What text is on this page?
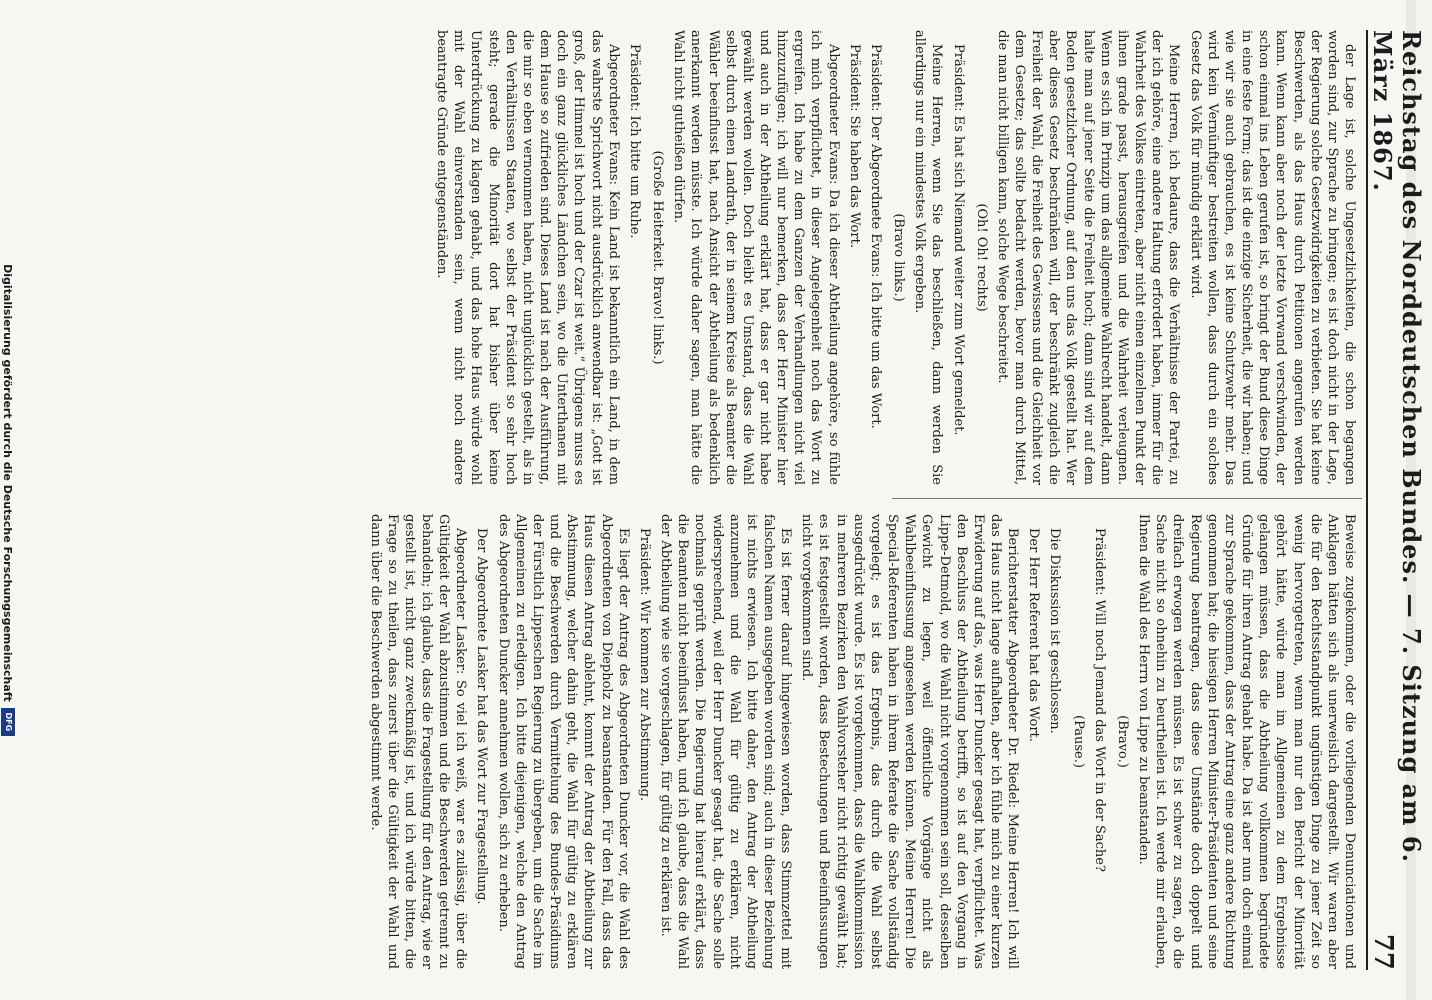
Reichstag des Norddeutschen Bundes. — 7. Sitzung am 6. März 1867.
77

der Lage ist, solche Ungesetzlichkeiten, die schon begangen worden sind, zur Sprache zu bringen; es ist doch nicht in der Lage, der Regierung solche Gesetzwidrigkeiten zu verbieten. Sie hat keine Beschwerden, als das Haus durch Petitionen angerufen werden kann. Wenn kann aber noch der letzte Vorwand verschwinden, der schon einmal ins Leben gerufen ist, so bringt der Bund diese Dinge in eine feste Form; das ist die einzige Sicherheit, die wir haben; und wie wir sie auch gebrauchen, es ist keine Schutzwehr mehr. Das wird kein Vernünftiger bestreiten wollen, dass durch ein solches Gesetz das Volk für mündig erklärt wird.

Meine Herren, ich bedaure, dass die Verhältnisse der Partei, zu der ich gehöre, eine andere Haltung erfordert haben, immer für die Wahrheit des Volkes eintreten, aber nicht einen einzelnen Punkt der ihnen grade passt, herausgreifen und die Wahrheit verleugnen. Wenn es sich im Prinzip um das allgemeine Wahlrecht handelt, dann halte man auf jener Seite die Freiheit hoch; dann sind wir auf dem Boden gesetzlicher Ordnung, auf den uns das Volk gestellt hat. Wer aber dieses Gesetz beschränken will, der beschränkt zugleich die Freiheit der Wahl, die Freiheit des Gewissens und die Gleichheit vor dem Gesetze; das sollte bedacht werden, bevor man durch Mittel, die man nicht billigen kann, solche Wege beschreitet.

(Oh! Oh! rechts)

Präsident: Es hat sich Niemand weiter zum Wort gemeldet.

Meine Herren, wenn Sie das beschließen, dann werden Sie allerdings nur ein mindestes Volk ergeben.

(Bravo links.)

Präsident: Der Abgeordnete Evans: Ich bitte um das Wort.

Präsident: Sie haben das Wort.

Abgeordneter Evans: Da ich dieser Abtheilung angehöre, so fühle ich mich verpflichtet, in dieser Angelegenheit noch das Wort zu ergreifen. Ich habe zu dem Ganzen der Verhandlungen nicht viel hinzuzufügen; ich will nur bemerken, dass der Herr Minister hier und auch in der Abtheilung erklärt hat, dass er gar nicht habe gewählt werden wollen. Doch bleibt es Umstand, dass die Wahl selbst durch einen Landrath, der in seinem Kreise als Beamter die Wähler beeinflusst hat, nach Ansicht der Abtheilung als bedenklich anerkannt werden müsste. Ich würde daher sagen, man hätte die Wahl nicht gutheißen dürfen.

(Große Heiterkeit. Bravo! links.)

Präsident: Ich bitte um Ruhe.

Abgeordneter Evans: Kein Land ist bekanntlich ein Land, in dem das wahrste Sprichwort nicht ausdrücklich anwendbar ist: „Gott ist groß, der Himmel ist hoch und der Czar ist weit.“ Übrigens muss es doch ein ganz glückliches Ländchen sein, wo die Unterthanen mit dem Hause so zufrieden sind. Dieses Land ist nach der Ausführung, die mir so eben vernommen haben, nicht unglücklich gestellt, als in den Verhältnissen Staaten, wo selbst der Präsident so sehr hoch steht; gerade die Minorität dort hat bisher über keine Unterdrückung zu klagen gehabt, und das hohe Haus würde wohl mit der Wahl einverstanden sein, wenn nicht noch andere beantragte Gründe entgegenständen.

Beweise zugekommen, oder die vorliegenden Denunciationen und Anklagen hätten sich als unerweislich dargestellt. Wir waren aber die für den Rechtsstandpunkt ungünstigen Dinge zu jener Zeit so wenig hervorgetreten, wenn man nur den Bericht der Minorität gehört hätte, würde man im Allgemeinen zu dem Ergebnisse gelangen müssen, dass die Abtheilung vollkommen begründete Gründe für ihren Antrag gehabt habe. Da ist aber nun doch einmal zur Sprache gekommen, dass der Antrag eine ganz andere Richtung genommen hat; die hiesigen Herren Minister-Präsidenten und seine Regierung beantragen, dass diese Umstände doch doppelt und dreifach erwogen werden müssen. Es ist schwer zu sagen, ob die Sache nicht so ohnehin zu beurtheilen ist. Ich werde mir erlauben, Ihnen die Wahl des Herrn von Lippe zu beanstanden.

(Bravo.)

Präsident: Will noch Jemand das Wort in der Sache?

(Pause.)

Die Diskussion ist geschlossen.

Der Herr Referent hat das Wort.

Berichterstatter Abgeordneter Dr. Riedel: Meine Herren! Ich will das Haus nicht lange aufhalten, aber ich fühle mich zu einer kurzen Erwiderung auf das, was Herr Duncker gesagt hat, verpflichtet. Was den Beschluss der Abtheilung betrifft, so ist auf den Vorgang in Lippe-Detmold, wo die Wahl nicht vorgenommen sein soll, desselben Gewicht zu legen, weil öffentliche Vorgänge nicht als Wahlbeeinflussung angesehen werden können. Meine Herren! Die Special-Referenten haben in ihrem Referate die Sache vollständig vorgelegt; es ist das Ergebnis, das durch die Wahl selbst ausgedrückt wurde. Es ist vorgekommen, dass die Wahlkommission in mehreren Bezirken den Wahlvorsteher nicht richtig gewählt hat; es ist festgestellt worden, dass Bestechungen und Beeinflussungen nicht vorgekommen sind.

Es ist ferner darauf hingewiesen worden, dass Stimmzettel mit falschen Namen ausgegeben worden sind; auch in dieser Beziehung ist nichts erwiesen. Ich bitte daher, den Antrag der Abtheilung anzunehmen und die Wahl für gültig zu erklären, nicht widersprechend, weil der Herr Duncker gesagt hat, die Sache solle nochmals geprüft werden. Die Regierung hat hierauf erklärt, dass die Beamten nicht beeinflusst haben, und ich glaube, dass die Wahl der Abtheilung wie sie vorgeschlagen, für gültig zu erklären ist.

Präsident: Wir kommen zur Abstimmung.

Es liegt der Antrag des Abgeordneten Duncker vor, die Wahl des Abgeordneten von Diepholz zu beanstanden. Für den Fall, dass das Haus diesen Antrag ablehnt, kommt der Antrag der Abtheilung zur Abstimmung, welcher dahin geht, die Wahl für gültig zu erklären und die Beschwerden durch Vermittelung des Bundes-Präsidiums der Fürstlich Lippeschen Regierung zu übergeben, um die Sache im Allgemeinen zu erledigen. Ich bitte diejenigen, welche den Antrag des Abgeordneten Duncker annehmen wollen, sich zu erheben.

Der Abgeordnete Lasker hat das Wort zur Fragestellung.

Abgeordneter Lasker: So viel ich weiß, war es zulässig, über die Gültigkeit der Wahl abzustimmen und die Beschwerden getrennt zu behandeln; ich glaube, dass die Fragestellung für den Antrag, wie er gestellt ist, nicht ganz zweckmäßig ist, und ich würde bitten, die Frage so zu theilen, dass zuerst über die Gültigkeit der Wahl und dann über die Beschwerden abgestimmt werde.

Digitalisierung gefördert durch die Deutsche Forschungsgemeinschaft
DFG
